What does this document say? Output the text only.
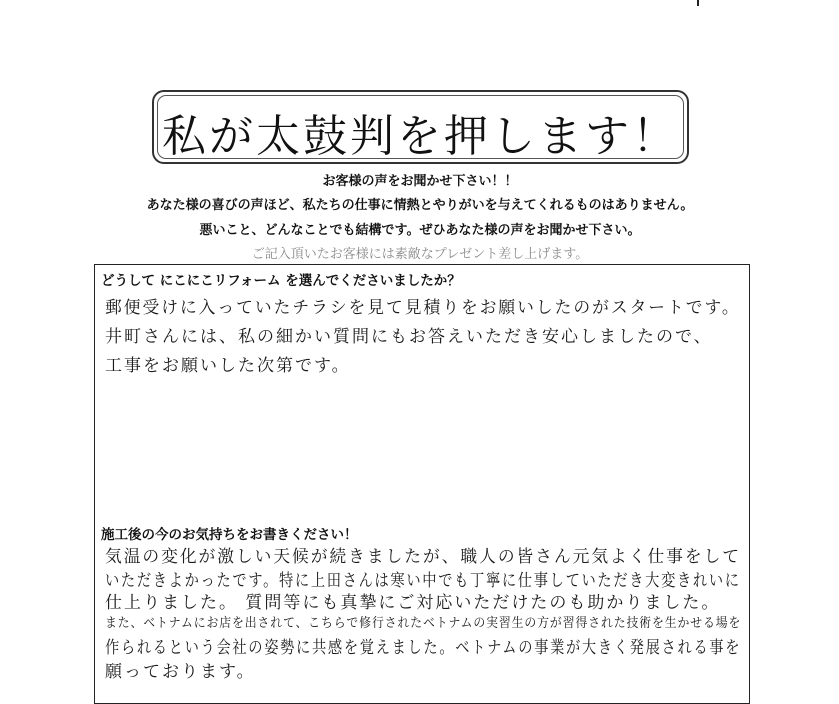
私が太鼓判を押します！
お客様の声をお聞かせ下さい！！
あなた様の喜びの声ほど、私たちの仕事に情熱とやりがいを与えてくれるものはありません。
悪いこと、どんなことでも結構です。ぜひあなた様の声をお聞かせ下さい。
ご記入頂いたお客様には素敵なプレゼント差し上げます。
どうして にこにこリフォーム を選んでくださいましたか？
郵便受けに入っていたチラシを見て見積りをお願いしたのがスタートです。
井町さんには、私の細かい質問にもお答えいただき安心しましたので、
工事をお願いした次第です。
施工後の今のお気持ちをお書きください！
気温の変化が激しい天候が続きましたが、職人の皆さん元気よく仕事をして
いただきよかったです。特に上田さんは寒い中でも丁寧に仕事していただき大変きれいに
仕上りました。 質問等にも真摯にご対応いただけたのも助かりました。
また、ベトナムにお店を出されて、こちらで修行されたベトナムの実習生の方が習得された技術を生かせる場を
作られるという会社の姿勢に共感を覚えました。ベトナムの事業が大きく発展される事を
願っております。
